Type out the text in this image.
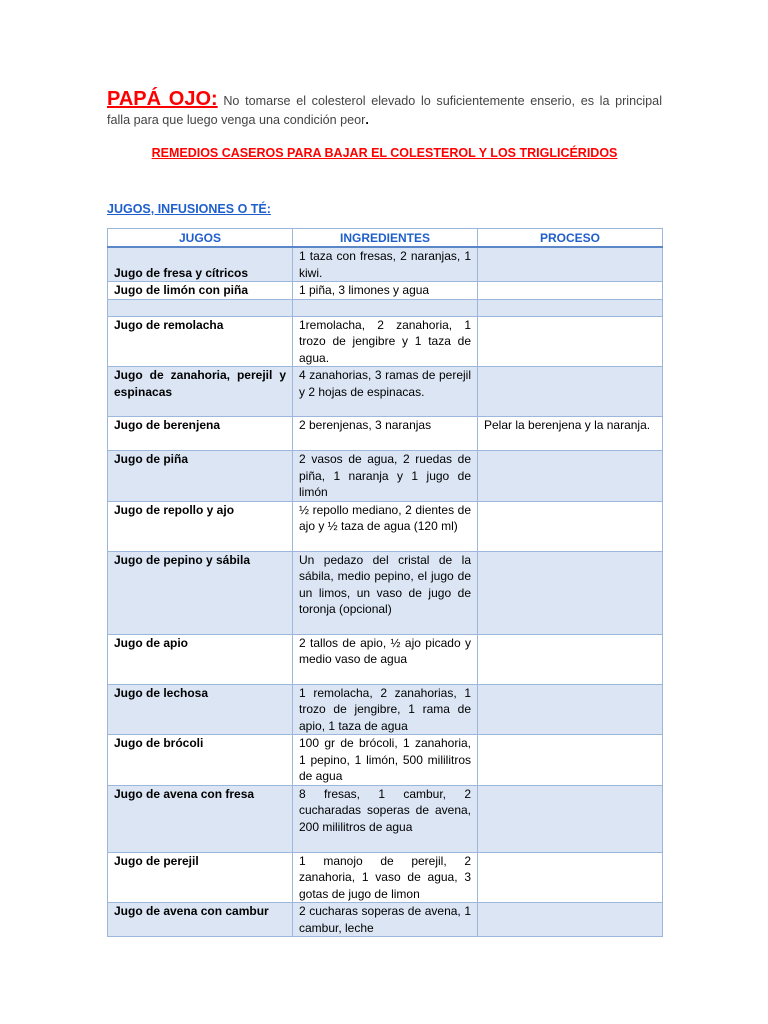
PAPÁ OJO: No tomarse el colesterol elevado lo suficientemente enserio, es la principal falla para que luego venga una condición peor.
REMEDIOS CASEROS PARA BAJAR EL COLESTEROL Y LOS TRIGLICÉRIDOS
JUGOS, INFUSIONES O TÉ:
JUGOS	INGREDIENTES	PROCESO
Jugo de fresa y cítricos	1 taza con fresas, 2 naranjas, 1 kiwi.	
Jugo de limón con piña	1 piña, 3 limones y agua	

Jugo de remolacha	1remolacha, 2 zanahoria, 1 trozo de jengibre y 1 taza de agua.	
Jugo de zanahoria, perejil y espinacas	4 zanahorias, 3 ramas de perejil y 2 hojas de espinacas.	
Jugo de berenjena	2 berenjenas, 3 naranjas	Pelar la berenjena y la naranja.
Jugo de piña	2 vasos de agua, 2 ruedas de piña, 1 naranja y 1 jugo de limón	
Jugo de repollo y ajo	½ repollo mediano, 2 dientes de ajo y ½ taza de agua (120 ml)	
Jugo de pepino y sábila	Un pedazo del cristal de la sábila, medio pepino, el jugo de un limos, un vaso de jugo de toronja (opcional)	
Jugo de apio	2 tallos de apio, ½ ajo picado y medio vaso de agua	
Jugo de lechosa	1 remolacha, 2 zanahorias, 1 trozo de jengibre, 1 rama de apio, 1 taza de agua	
Jugo de brócoli	100 gr de brócoli, 1 zanahoria, 1 pepino, 1 limón, 500 mililitros de agua	
Jugo de avena con fresa	8 fresas, 1 cambur, 2 cucharadas soperas de avena, 200 mililitros de agua	
Jugo de perejil	1 manojo de perejil, 2 zanahoria, 1 vaso de agua, 3 gotas de jugo de limon	

Jugo de avena con cambur	2 cucharas soperas de avena, 1 cambur, leche	
